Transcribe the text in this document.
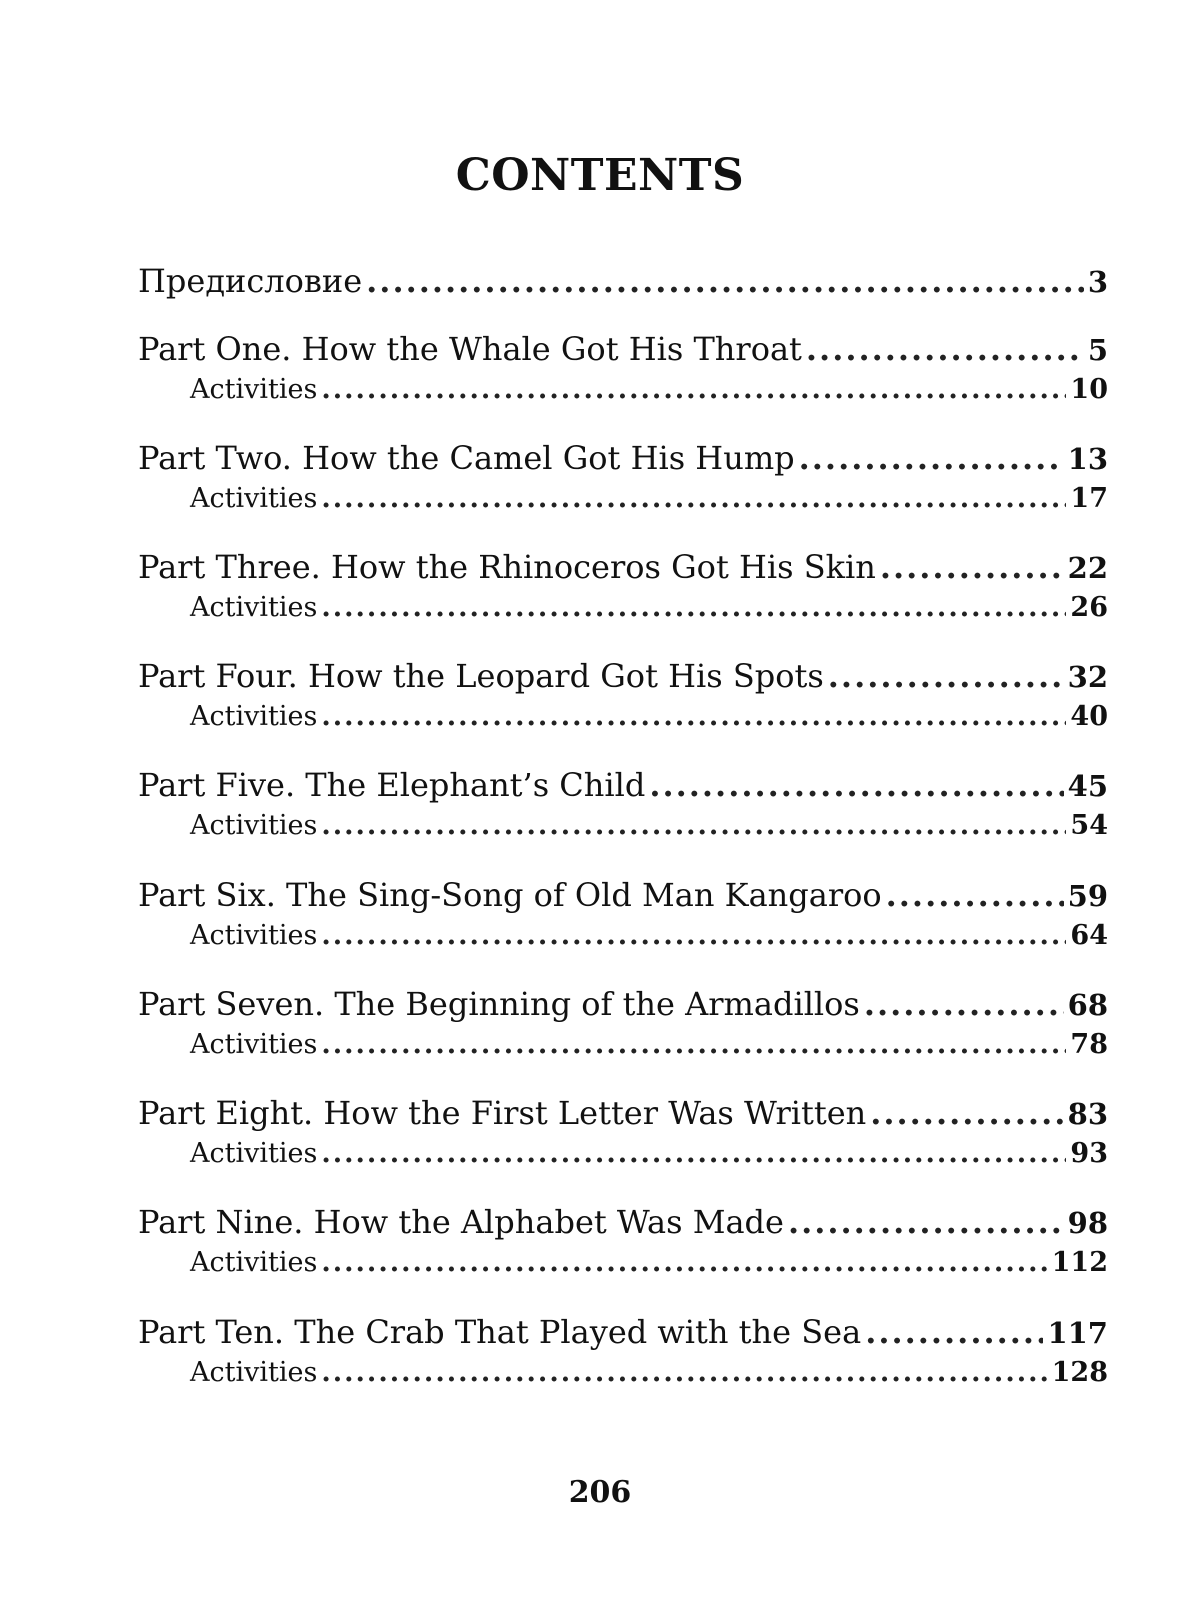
CONTENTS
Предисловие .....	3
Part One. How the Whale Got His Throat .....	5
Activities .....	10
Part Two. How the Camel Got His Hump .....	13
Activities .....	17
Part Three. How the Rhinoceros Got His Skin .....	22
Activities .....	26
Part Four. How the Leopard Got His Spots .....	32
Activities .....	40
Part Five. The Elephant’s Child .....	45
Activities .....	54
Part Six. The Sing-Song of Old Man Kangaroo .....	59
Activities .....	64
Part Seven. The Beginning of the Armadillos .....	68
Activities .....	78
Part Eight. How the First Letter Was Written .....	83
Activities .....	93
Part Nine. How the Alphabet Was Made .....	98
Activities .....	112
Part Ten. The Crab That Played with the Sea .....	117
Activities .....	128
206
